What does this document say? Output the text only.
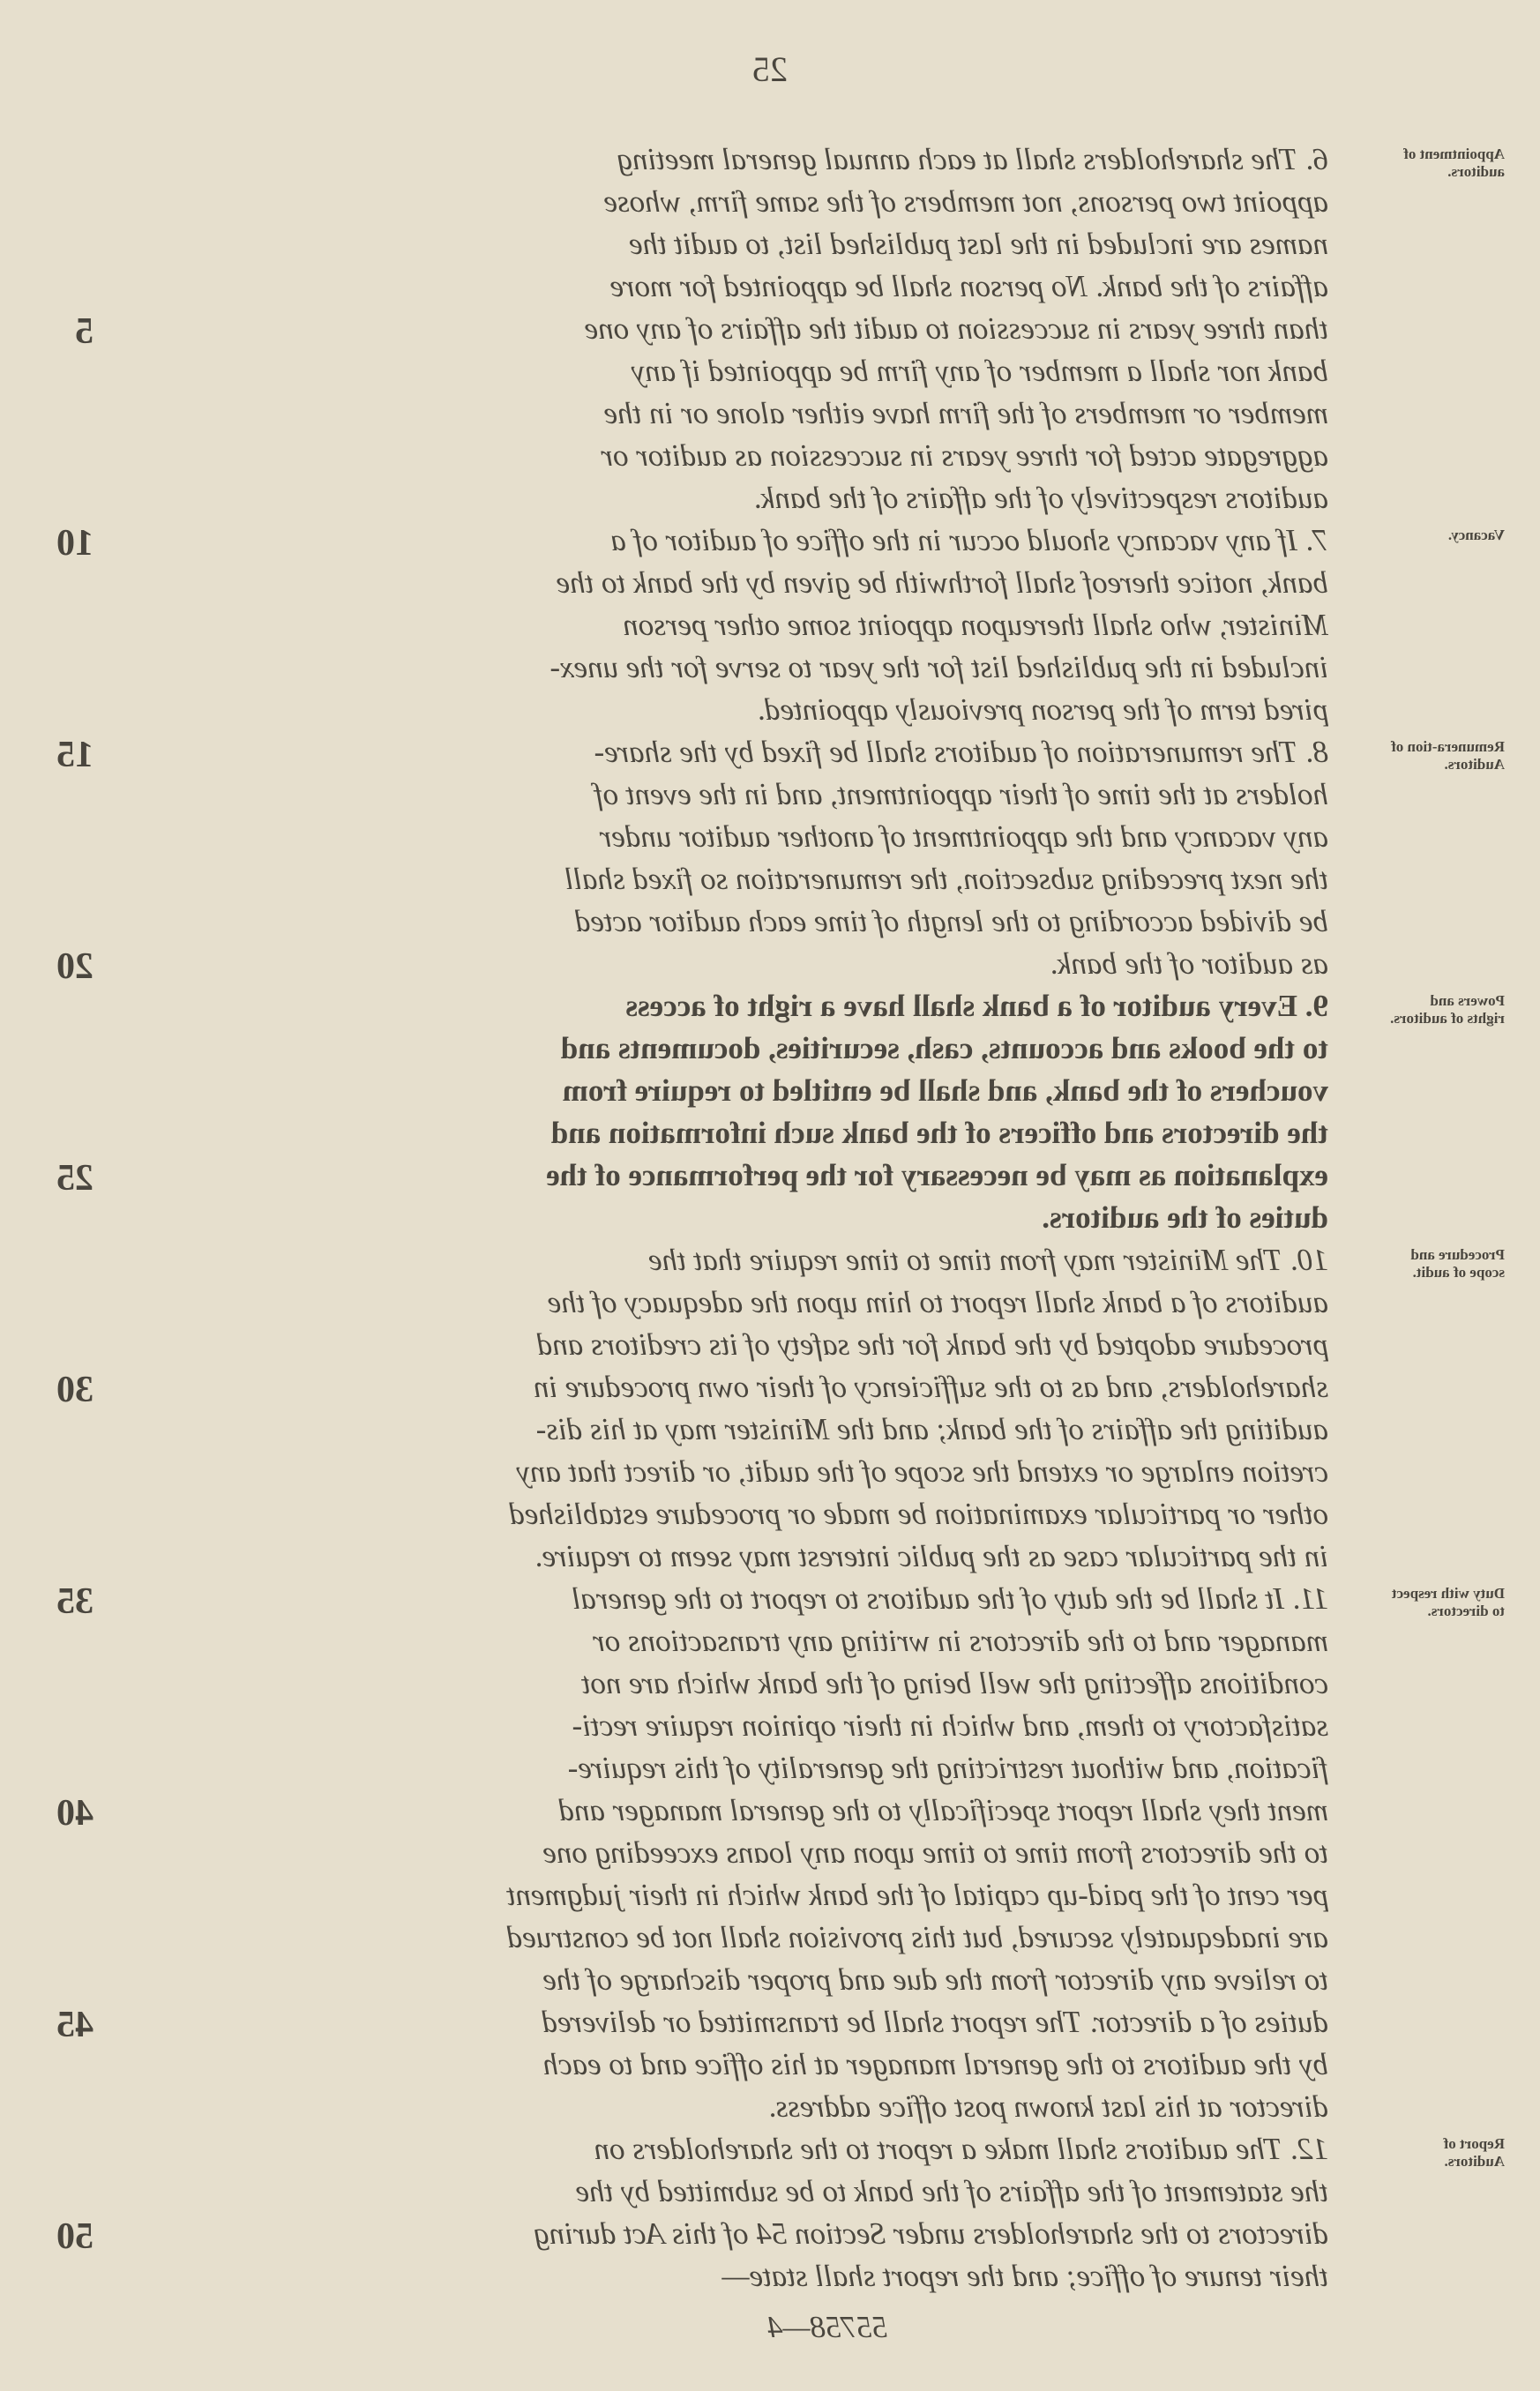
25
6. The shareholders shall at each annual general meeting
appoint two persons, not members of the same firm, whose
names are included in the last published list, to audit the
affairs of the bank. No person shall be appointed for more
than three years in succession to audit the affairs of any one
bank nor shall a member of any firm be appointed if any
member or members of the firm have either alone or in the
aggregate acted for three years in succession as auditor or
auditors respectively of the affairs of the bank.
7. If any vacancy should occur in the office of auditor of a
bank, notice thereof shall forthwith be given by the bank to the
Minister, who shall thereupon appoint some other person
included in the published list for the year to serve for the unex-
pired term of the person previously appointed.
8. The remuneration of auditors shall be fixed by the share-
holders at the time of their appointment, and in the event of
any vacancy and the appointment of another auditor under
the next preceding subsection, the remuneration so fixed shall
be divided according to the length of time each auditor acted
as auditor of the bank.
9. Every auditor of a bank shall have a right of access
to the books and accounts, cash, securities, documents and
vouchers of the bank, and shall be entitled to require from
the directors and officers of the bank such information and
explanation as may be necessary for the performance of the
duties of the auditors.
10. The Minister may from time to time require that the
auditors of a bank shall report to him upon the adequacy of the
procedure adopted by the bank for the safety of its creditors and
shareholders, and as to the sufficiency of their own procedure in
auditing the affairs of the bank; and the Minister may at his dis-
cretion enlarge or extend the scope of the audit, or direct that any
other or particular examination be made or procedure established
in the particular case as the public interest may seem to require.
11. It shall be the duty of the auditors to report to the general
manager and to the directors in writing any transactions or
conditions affecting the well being of the bank which are not
satisfactory to them, and which in their opinion require recti-
fication, and without restricting the generality of this require-
ment they shall report specifically to the general manager and
to the directors from time to time upon any loans exceeding one
per cent of the paid-up capital of the bank which in their judgment
are inadequately secured, but this provision shall not be construed
to relieve any director from the due and proper discharge of the
duties of a director. The report shall be transmitted or delivered
by the auditors to the general manager at his office and to each
director at his last known post office address.
12. The auditors shall make a report to the shareholders on
the statement of the affairs of the bank to be submitted by the
directors to the shareholders under Section 54 of this Act during
their tenure of office; and the report shall state—
5
10
15
20
25
30
35
40
45
50
Appointment of auditors.
Vacancy.
Remunera-tion of Auditors.
Powers and rights of auditors.
Procedure and scope of audit.
Duty with respect to directors.
Report of Auditors.
55758—4
